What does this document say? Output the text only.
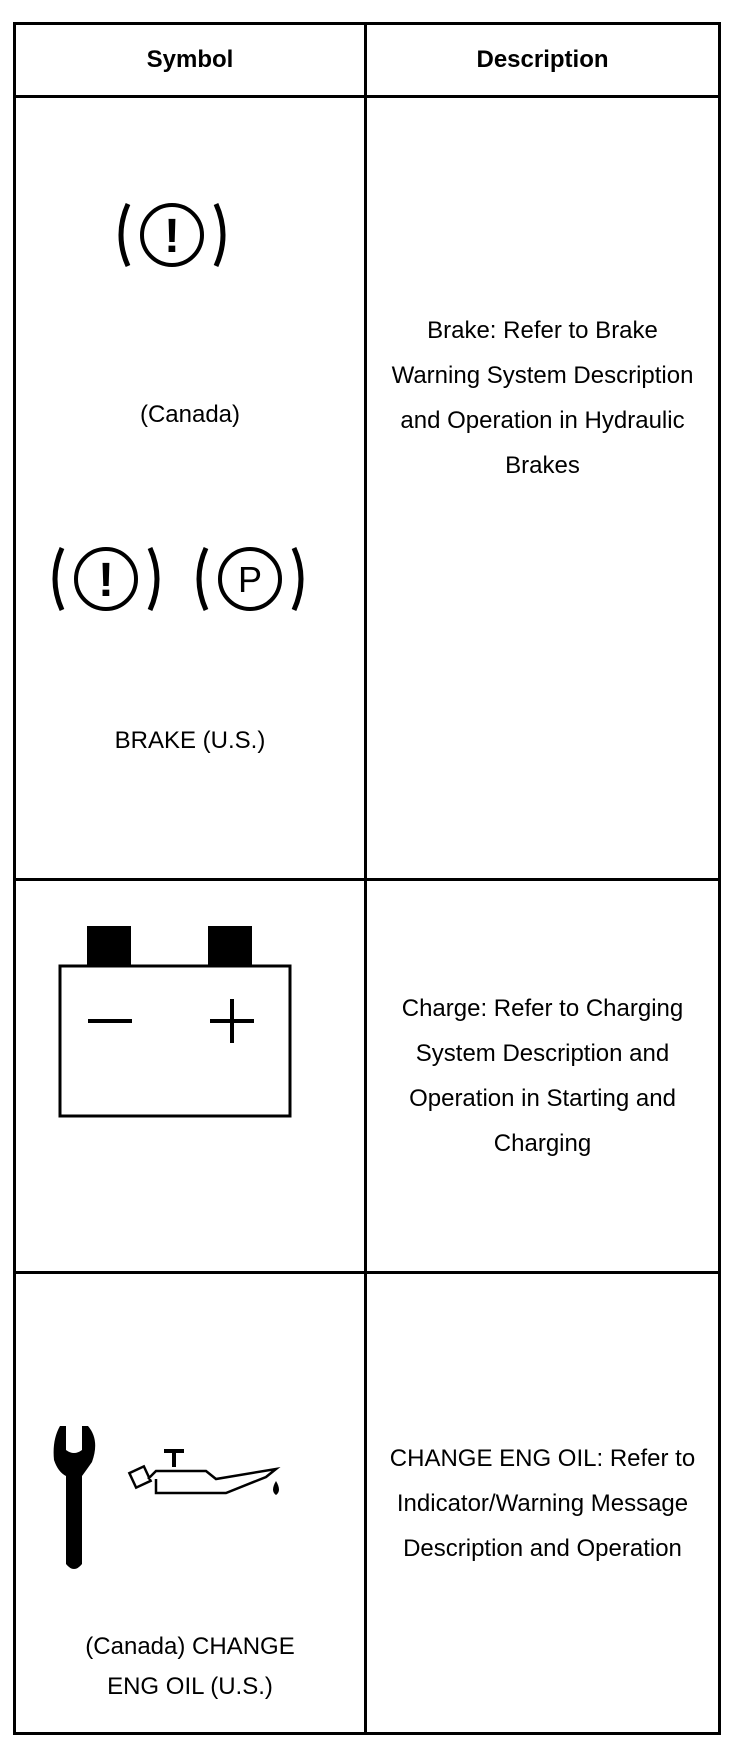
Symbol	Description
!
(Canada)
!	P
BRAKE (U.S.)
Brake: Refer to Brake Warning System Description and Operation in Hydraulic Brakes
Charge: Refer to Charging System Description and Operation in Starting and Charging
(Canada) CHANGE ENG OIL (U.S.)
CHANGE ENG OIL: Refer to Indicator/Warning Message Description and Operation
